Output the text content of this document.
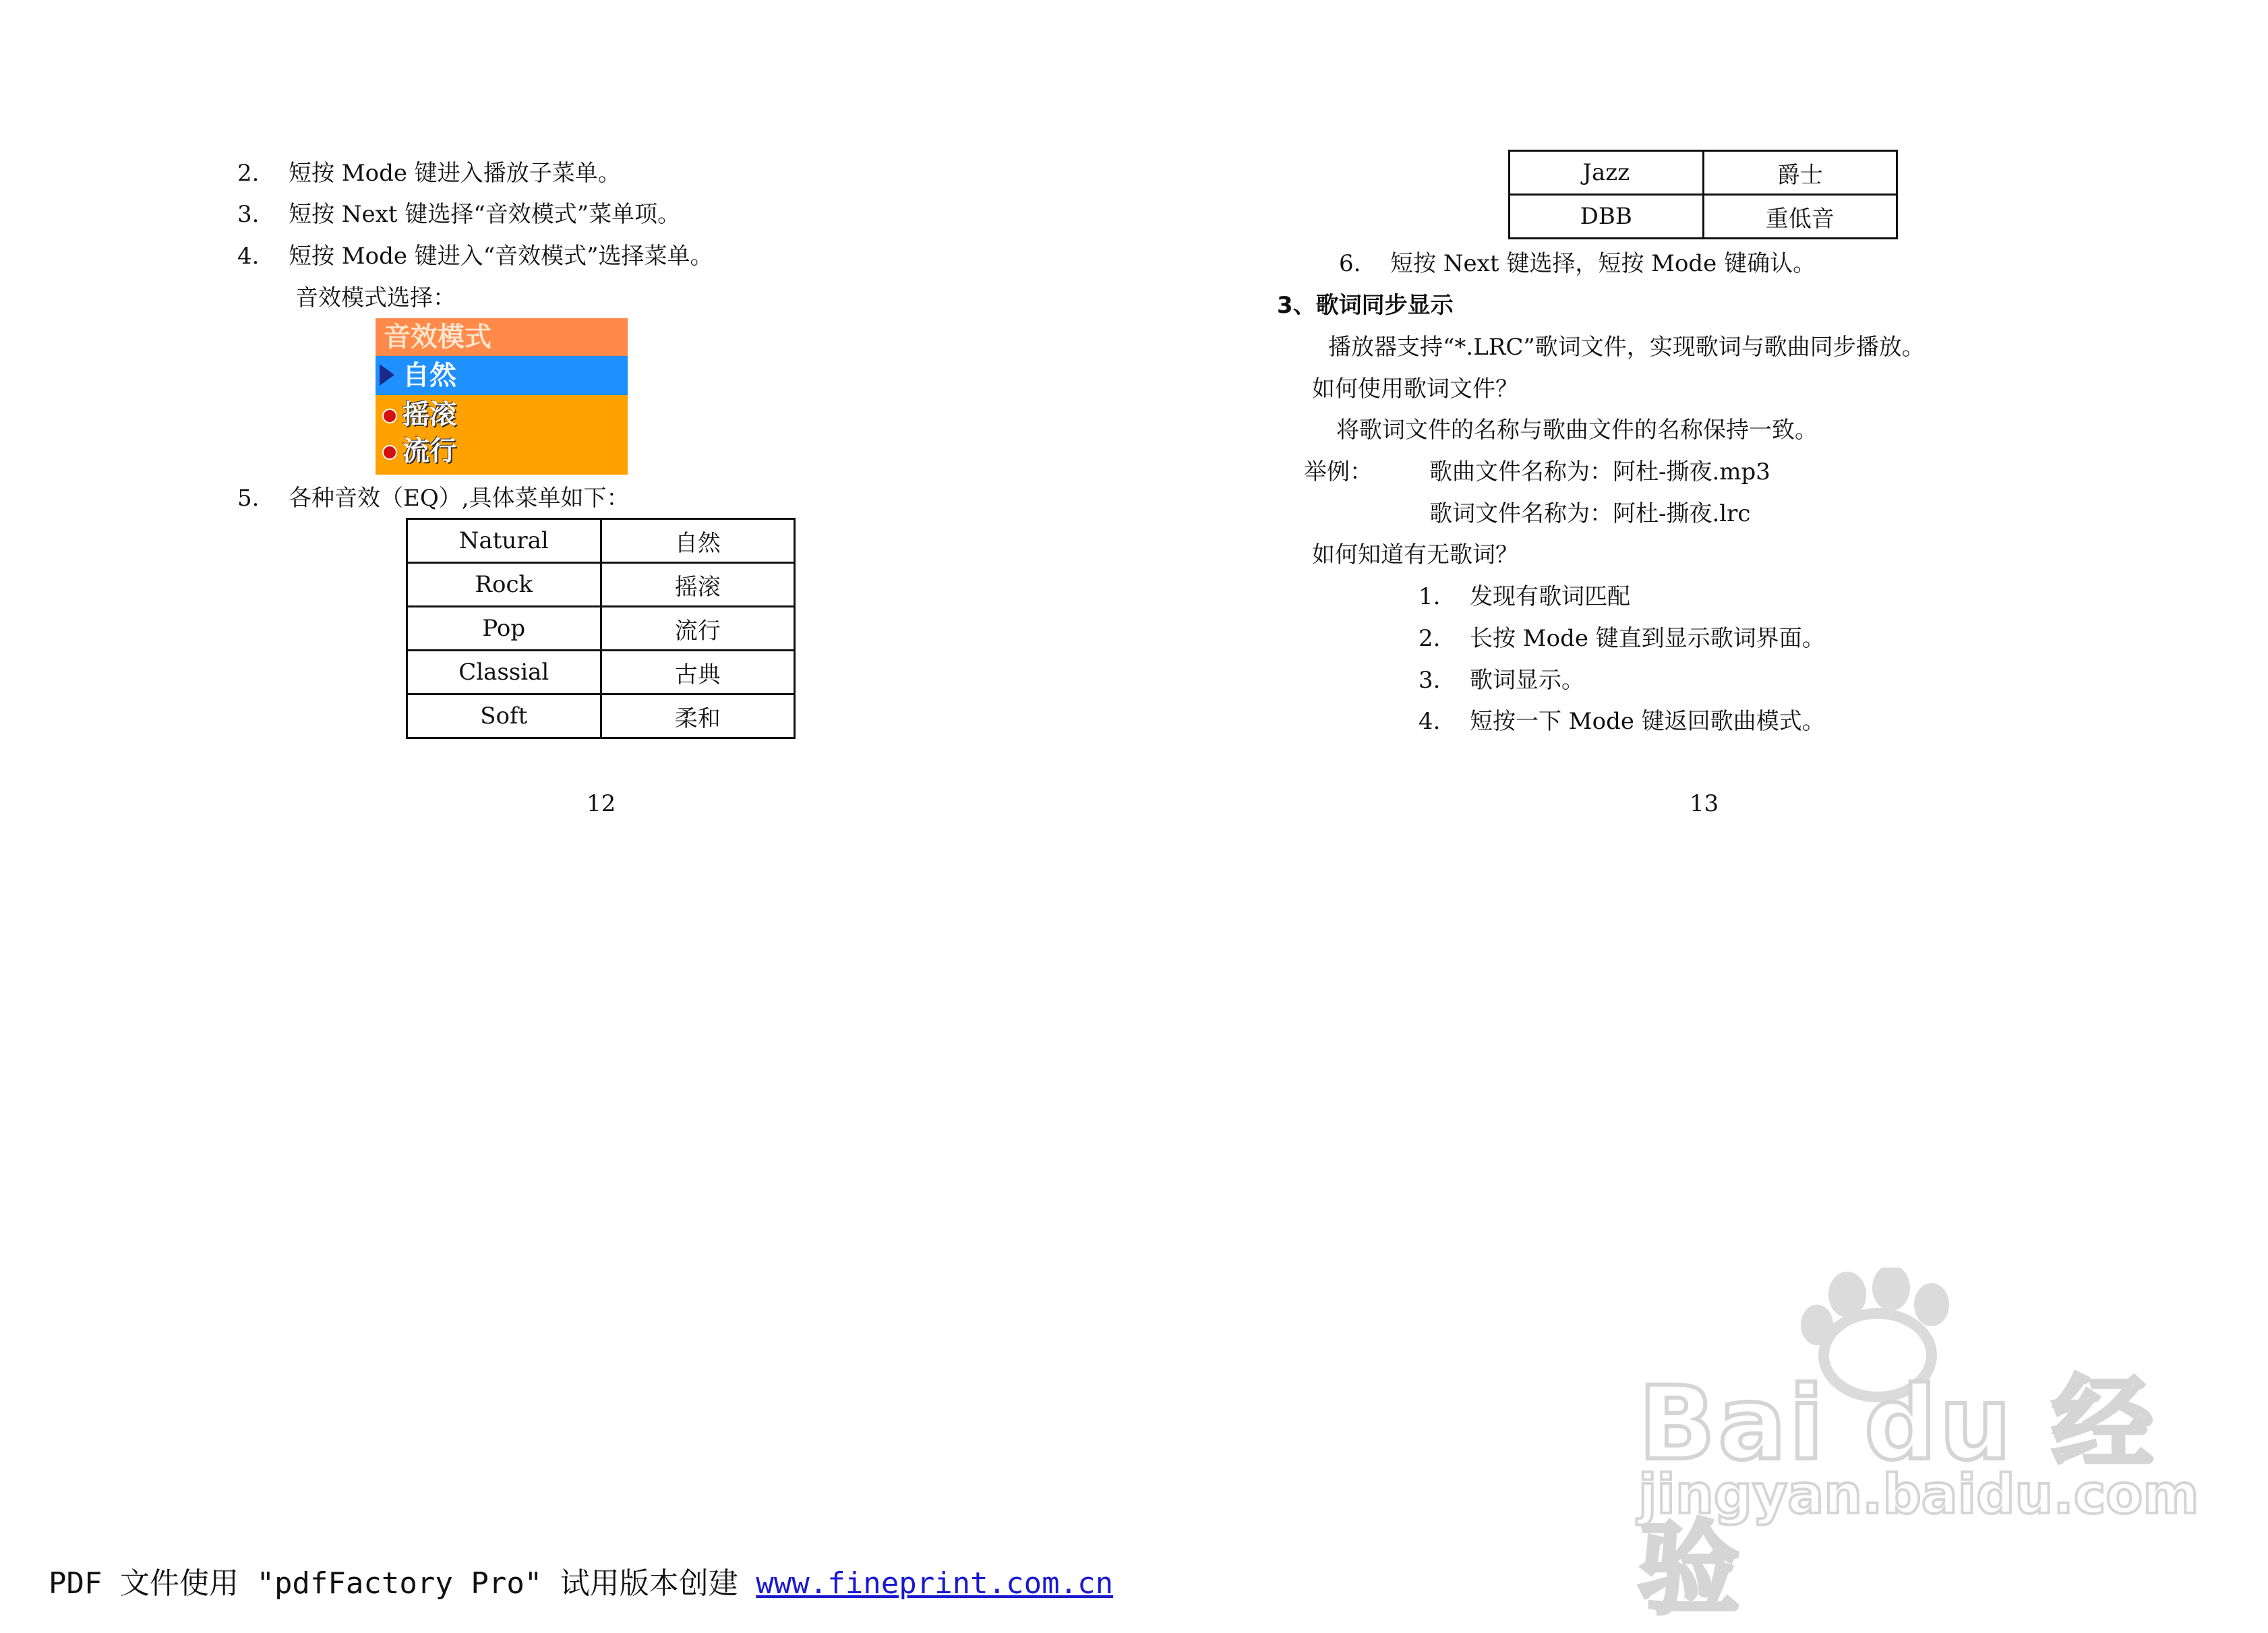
2. 短按 Mode 键进入播放子菜单。
3. 短按 Next 键选择“音效模式”菜单项。
4. 短按 Mode 键进入“音效模式”选择菜单。
音效模式选择：
音效模式
自然
摇滚
流行
5. 各种音效（EQ）,具体菜单如下：
Natural	自然
Rock	摇滚
Pop	流行
Classial	古典
Soft	柔和
12
Jazz	爵士
DBB	重低音
6. 短按 Next 键选择，短按 Mode 键确认。
3、歌词同步显示
播放器支持“*.LRC”歌词文件，实现歌词与歌曲同步播放。
如何使用歌词文件？
将歌词文件的名称与歌曲文件的名称保持一致。
举例： 歌曲文件名称为：阿杜-撕夜.mp3
歌词文件名称为：阿杜-撕夜.lrc
如何知道有无歌词？
1. 发现有歌词匹配
2. 长按 Mode 键直到显示歌词界面。
3. 歌词显示。
4. 短按一下 Mode 键返回歌曲模式。
13
Bai du 经验
jingyan.baidu.com
PDF 文件使用 "pdfFactory Pro" 试用版本创建 www.fineprint.com.cn
